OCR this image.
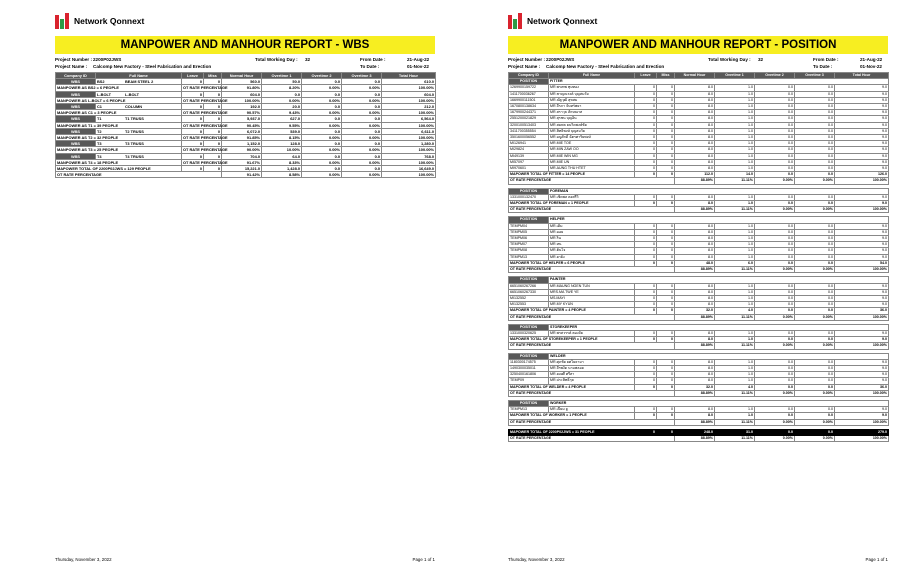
Network Qonnext
MANPOWER AND MANHOUR REPORT - WBS
Project Number : 2200P02JWS	Total Working Day : 32	From Date :	21-Aug-22
Project Name : Calcomp New Factory - Steel Fabrication and Erection	To Date :	01-Nov-22
Company ID	Full Name	Leave	Miss	Normal Hour	Overtime 1	Overtime 2	Overtime 3	Total Hour
WBS	BS2 BEAM STEEL 2	0	0	560.0	50.0	0.0	0.0	610.0
MANPOWER AS BS2 = 6 PEOPLE		OT RATE PERCENTAGE		91.80%	8.20%	0.00%	0.00%	100.00%
WBS	L-BOLT L-BOLT	0	0	604.0	0.0	0.0	0.0	604.0
MANPOWER AS L-BOLT = 6 PEOPLE		OT RATE PERCENTAGE		100.00%	0.00%	0.00%	0.00%	100.00%
WBS	C1 COLUMN	0	0	192.0	20.0	0.0	0.0	212.0
MANPOWER AS C1 = 3 PEOPLE		OT RATE PERCENTAGE		90.57%	9.43%	0.00%	0.00%	100.00%
WBS	T1 T1 TRUSS	0	0	5,937.0	627.0	0.0	0.0	6,564.0
MANPOWER AS T1 = 39 PEOPLE		OT RATE PERCENTAGE		90.45%	9.55%	0.00%	0.00%	100.00%
WBS	T2 T2 TRUSS	0	0	6,072.0	539.0	0.0	0.0	6,611.0
MANPOWER AS T2 = 32 PEOPLE		OT RATE PERCENTAGE		91.85%	8.15%	0.00%	0.00%	100.00%
WBS	T3 T3 TRUSS	0	0	1,152.0	128.0	0.0	0.0	1,280.0
MANPOWER AS T3 = 25 PEOPLE		OT RATE PERCENTAGE		90.00%	10.00%	0.00%	0.00%	100.00%
WBS	T4 T4 TRUSS	0	0	704.0	64.0	0.0	0.0	768.0
MANPOWER AS T4 = 18 PEOPLE		OT RATE PERCENTAGE		91.67%	8.33%	0.00%	0.00%	100.00%
MAPOWER TOTAL OF 2200P02JWS = 129 PEOPLE		0	0	15,221.0	1,428.0	0.0	0.0	16,649.0
OT RATE PERCENTAGE				91.42%	8.58%	0.00%	0.00%	100.00%
Thursday, November 3, 2022	Page 1 of 1
Network Qonnext
MANPOWER AND MANHOUR REPORT - POSITION
Project Number : 2200P02JWS	Total Working Day : 32	From Date :	21-Aug-22
Project Name : Calcomp New Factory - Steel Fabrication and Erection	To Date :	01-Nov-22
Company ID	Full Name	Leave	Miss	Normal Hour	Overtime 1	Overtime 2	Overtime 3	Total Hour
POSITION	FITTER							
1269900159722	MR.พรเทพ ทุมทอง	0	0	8.0	1.0	0.0	0.0	9.0
1411700036267	MR.ชาญณรงค์ บุญสมวัย	0	0	8.0	1.0	0.0	0.0	9.0
1669900111501	MR.ณัฐวุฒิ สุขสม	0	0	8.0	1.0	0.0	0.0	9.0
1670800138634	MR.จีรภา จันทร์พยา	0	0	8.0	1.0	0.0	0.0	9.0
1679900244371	MR.สราวุธ ลักษณาส	0	0	8.0	1.0	0.0	0.0	9.0
2551200021829	MR.สุรชน บุญอิน	0	0	8.0	1.0	0.0	0.0	9.0
3200100513403	MR.สมพล ยนาิดพงษ์ชัย	0	0	8.0	1.0	0.0	0.0	9.0
3411700355554	MR.สิทธิพงษ์ บุญสมวัย	0	0	8.0	1.0	0.0	0.0	9.0
3501600056552	MR.มนูศักดิ์ ฉัตรศาริยพงษ์	0	0	8.0	1.0	0.0	0.0	9.0
MI126941	MR.MIE TOE	0	0	8.0	1.0	0.0	0.0	9.0
MI29824	MR.MIN ZAW OO	0	0	8.0	1.0	0.0	0.0	9.0
MI49139	MR.MIE WIN MG	0	0	8.0	1.0	0.0	0.0	9.0
MI57097	MR.MIE UN	0	0	8.0	1.0	0.0	0.0	9.0
MI970601	MR.AUNG THU HTET	0	0	8.0	1.0	0.0	0.0	9.0
MAPOWER TOTAL OF FITTER = 14 PEOPLE		0	0	112.0	14.0	0.0	0.0	126.0
OT RATE PERCENTAGE				88.89%	11.11%	0.00%	0.00%	100.00%

POSITION	FOREMAN							
1331000132470	MR.เชิดพล คงศรีวิ	0	0	8.0	1.0	0.0	0.0	9.0
MAPOWER TOTAL OF FOREMAN = 1 PEOPLE		0	0	8.0	1.0	0.0	0.0	9.0
OT RATE PERCENTAGE				88.89%	11.11%	0.00%	0.00%	100.00%

POSITION	HELPER							
TEMPM04	MR.เดิม	0	0	8.0	1.0	0.0	0.0	9.0
TEMPM05	MR.มอย	0	0	8.0	1.0	0.0	0.0	9.0
TEMPM06	MR.ริน	0	0	8.0	1.0	0.0	0.0	9.0
TEMPM07	MR.หน	0	0	8.0	1.0	0.0	0.0	9.0
TEMPM08	MR.ต้นโจ	0	0	8.0	1.0	0.0	0.0	9.0
TEMPM13	MR.ยาย้ง	0	0	8.0	1.0	0.0	0.0	9.0
MAPOWER TOTAL OF HELPER = 6 PEOPLE		0	0	48.0	6.0	0.0	0.0	54.0
OT RATE PERCENTAGE				88.89%	11.11%	0.00%	0.00%	100.00%

POSITION	PAINTER							
6651060267266	MR.MAUNG NGEN TUN	0	0	8.0	1.0	0.0	0.0	9.0
6651060267330	MRS.MA TWE YE	0	0	8.0	1.0	0.0	0.0	9.0
MI132552	MS.MAYI	0	0	8.0	1.0	0.0	0.0	9.0
MI132553	MR.MY KYUN	0	0	8.0	1.0	0.0	0.0	9.0
MAPOWER TOTAL OF PAINTER = 4 PEOPLE		0	0	32.0	4.0	0.0	0.0	36.0
OT RATE PERCENTAGE				88.89%	11.11%	0.00%	0.00%	100.00%

POSITION	STOREKEEPER							
1331000320625	MR.พรสวรรค์ ตองจัย	0	0	8.0	1.0	0.0	0.0	9.0
MAPOWER TOTAL OF STOREKEEPER = 1 PEOPLE		0	0	8.0	1.0	0.0	0.0	9.0
OT RATE PERCENTAGE				88.89%	11.11%	0.00%	0.00%	100.00%

POSITION	WELDER							
1180300174575	MR.ศุภชัย ยศโยธามา	0	0	8.0	1.0	0.0	0.0	9.0
1490300035011	MR.จีรพงัด นามพลอย	0	0	8.0	1.0	0.0	0.0	9.0
3250400161806	MR.ยงยศี ศรีสา	0	0	8.0	1.0	0.0	0.0	9.0
TEMP09	MR.ประสิทธิ์กุล	0	0	8.0	1.0	0.0	0.0	9.0
MAPOWER TOTAL OF WELDER = 4 PEOPLE		0	0	32.0	4.0	0.0	0.0	36.0
OT RATE PERCENTAGE				88.89%	11.11%	0.00%	0.00%	100.00%

POSITION	WORKER							
TEMPM13	MR.เปียม ยู	0	0	8.0	1.0	0.0	0.0	9.0
MAPOWER TOTAL OF WORKER = 1 PEOPLE		0	0	8.0	1.0	0.0	0.0	9.0
OT RATE PERCENTAGE				88.89%	11.11%	0.00%	0.00%	100.00%

MAPOWER TOTAL OF 2200P02JWS = 31 PEOPLE		0	0	248.0	31.0	0.0	0.0	279.0
OT RATE PERCENTAGE				88.89%	11.11%	0.00%	0.00%	100.00%
Thursday, November 3, 2022	Page 1 of 1
